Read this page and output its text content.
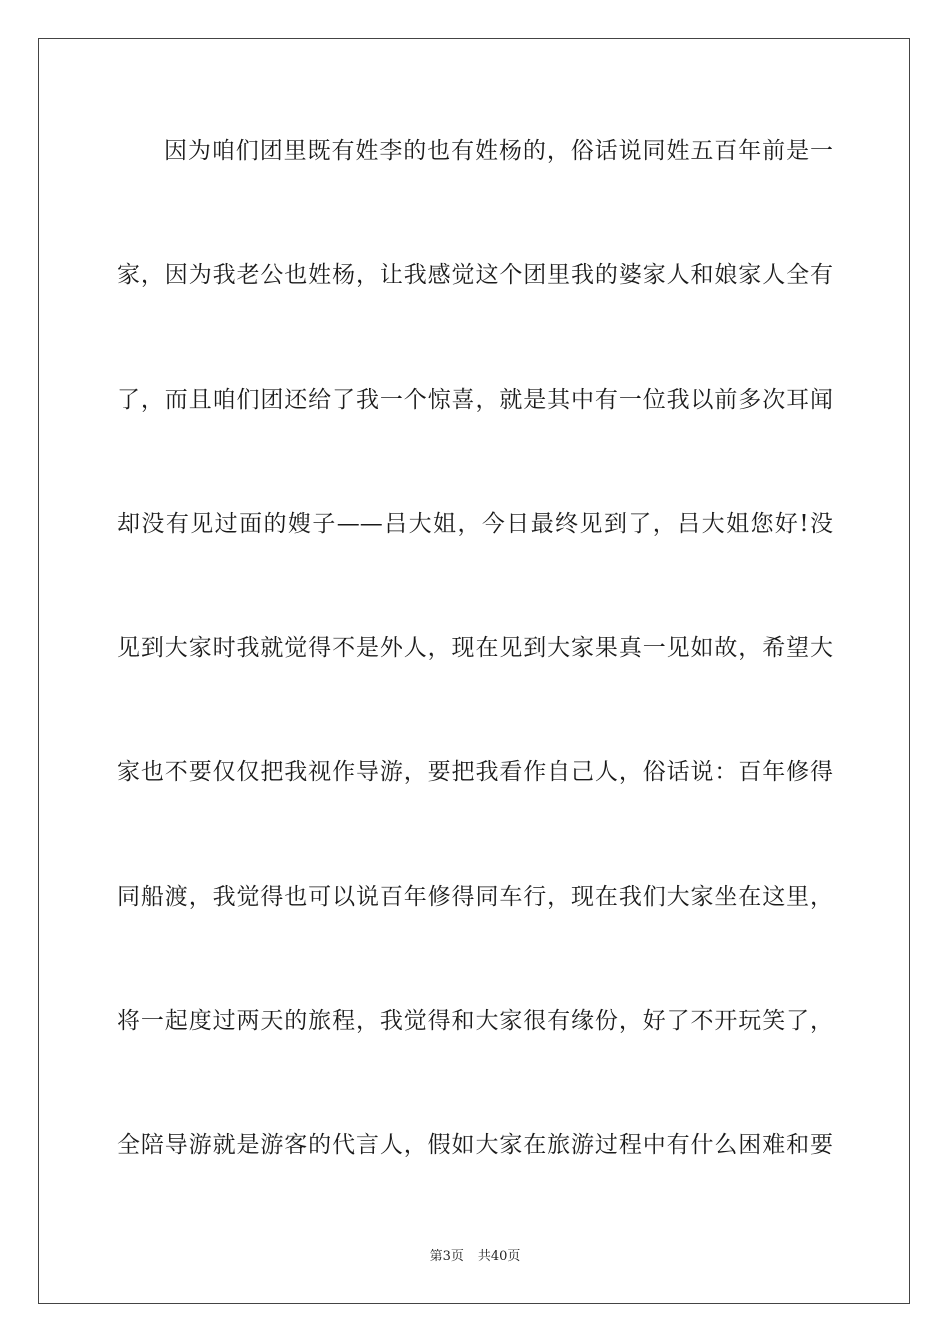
因为咱们团里既有姓李的也有姓杨的，俗话说同姓五百年前是一
家，因为我老公也姓杨，让我感觉这个团里我的婆家人和娘家人全有
了，而且咱们团还给了我一个惊喜，就是其中有一位我以前多次耳闻
却没有见过面的嫂子——吕大姐，今日最终见到了，吕大姐您好!没
见到大家时我就觉得不是外人，现在见到大家果真一见如故，希望大
家也不要仅仅把我视作导游，要把我看作自己人，俗话说：百年修得
同船渡，我觉得也可以说百年修得同车行，现在我们大家坐在这里，
将一起度过两天的旅程，我觉得和大家很有缘份，好了不开玩笑了，
全陪导游就是游客的代言人，假如大家在旅游过程中有什么困难和要
第3页 共40页
